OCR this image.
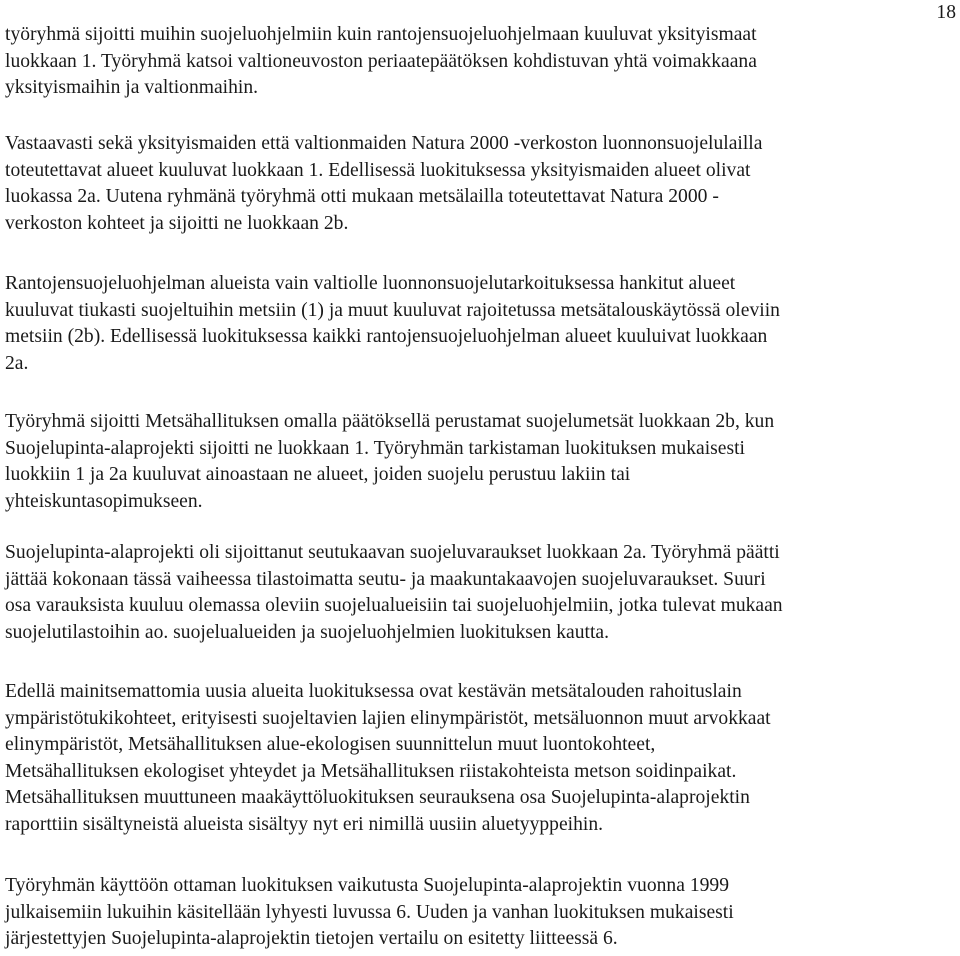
18

työryhmä sijoitti muihin suojeluohjelmiin kuin rantojensuojeluohjelmaan kuuluvat yksityismaat
luokkaan 1. Työryhmä katsoi valtioneuvoston periaatepäätöksen kohdistuvan yhtä voimakkaana
yksityismaihin ja valtionmaihin.

Vastaavasti sekä yksityismaiden että valtionmaiden Natura 2000 -verkoston luonnonsuojelulailla
toteutettavat alueet kuuluvat luokkaan 1. Edellisessä luokituksessa yksityismaiden alueet olivat
luokassa 2a. Uutena ryhmänä työryhmä otti mukaan metsälailla toteutettavat Natura 2000 -
verkoston kohteet ja sijoitti ne luokkaan 2b.

Rantojensuojeluohjelman alueista vain valtiolle luonnonsuojelutarkoituksessa hankitut alueet
kuuluvat tiukasti suojeltuihin metsiin (1) ja muut kuuluvat rajoitetussa metsätalouskäytössä oleviin
metsiin (2b). Edellisessä luokituksessa kaikki rantojensuojeluohjelman alueet kuuluivat luokkaan
2a.

Työryhmä sijoitti Metsähallituksen omalla päätöksellä perustamat suojelumetsät luokkaan 2b, kun
Suojelupinta-alaprojekti sijoitti ne luokkaan 1. Työryhmän tarkistaman luokituksen mukaisesti
luokkiin 1 ja 2a kuuluvat ainoastaan ne alueet, joiden suojelu perustuu lakiin tai
yhteiskuntasopimukseen.

Suojelupinta-alaprojekti oli sijoittanut seutukaavan suojeluvaraukset luokkaan 2a. Työryhmä päätti
jättää kokonaan tässä vaiheessa tilastoimatta seutu- ja maakuntakaavojen suojeluvaraukset. Suuri
osa varauksista kuuluu olemassa oleviin suojelualueisiin tai suojeluohjelmiin, jotka tulevat mukaan
suojelutilastoihin ao. suojelualueiden ja suojeluohjelmien luokituksen kautta.

Edellä mainitsemattomia uusia alueita luokituksessa ovat kestävän metsätalouden rahoituslain
ympäristötukikohteet, erityisesti suojeltavien lajien elinympäristöt, metsäluonnon muut arvokkaat
elinympäristöt, Metsähallituksen alue-ekologisen suunnittelun muut luontokohteet,
Metsähallituksen ekologiset yhteydet ja Metsähallituksen riistakohteista metson soidinpaikat.
Metsähallituksen muuttuneen maakäyttöluokituksen seurauksena osa Suojelupinta-alaprojektin
raporttiin sisältyneistä alueista sisältyy nyt eri nimillä uusiin aluetyyppeihin.

Työryhmän käyttöön ottaman luokituksen vaikutusta Suojelupinta-alaprojektin vuonna 1999
julkaisemiin lukuihin käsitellään lyhyesti luvussa 6. Uuden ja vanhan luokituksen mukaisesti
järjestettyjen Suojelupinta-alaprojektin tietojen vertailu on esitetty liitteessä 6.
